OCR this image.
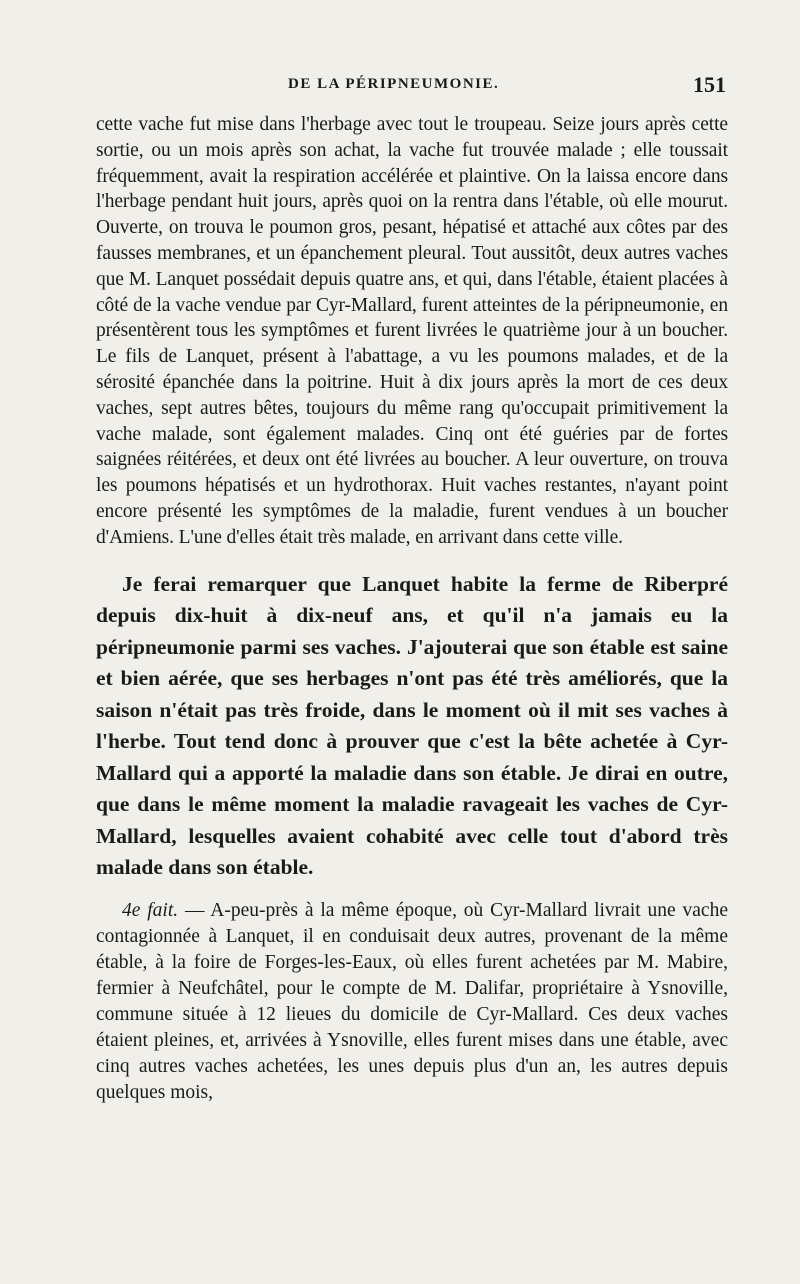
DE LA PÉRIPNEUMONIE.	151

cette vache fut mise dans l'herbage avec tout le troupeau. Seize jours après cette sortie, ou un mois après son achat, la vache fut trouvée malade ; elle toussait fréquemment, avait la respiration accélérée et plaintive. On la laissa encore dans l'herbage pendant huit jours, après quoi on la rentra dans l'étable, où elle mourut. Ouverte, on trouva le poumon gros, pesant, hépatisé et attaché aux côtes par des fausses membranes, et un épanchement pleural. Tout aussitôt, deux autres vaches que M. Lanquet possédait depuis quatre ans, et qui, dans l'étable, étaient placées à côté de la vache vendue par Cyr-Mallard, furent atteintes de la péripneumonie, en présentèrent tous les symptômes et furent livrées le quatrième jour à un boucher. Le fils de Lanquet, présent à l'abattage, a vu les poumons malades, et de la sérosité épanchée dans la poitrine. Huit à dix jours après la mort de ces deux vaches, sept autres bêtes, toujours du même rang qu'occupait primitivement la vache malade, sont également malades. Cinq ont été guéries par de fortes saignées réitérées, et deux ont été livrées au boucher. A leur ouverture, on trouva les poumons hépatisés et un hydrothorax. Huit vaches restantes, n'ayant point encore présenté les symptômes de la maladie, furent vendues à un boucher d'Amiens. L'une d'elles était très malade, en arrivant dans cette ville.

Je ferai remarquer que Lanquet habite la ferme de Riberpré depuis dix-huit à dix-neuf ans, et qu'il n'a jamais eu la péripneumonie parmi ses vaches. J'ajouterai que son étable est saine et bien aérée, que ses herbages n'ont pas été très améliorés, que la saison n'était pas très froide, dans le moment où il mit ses vaches à l'herbe. Tout tend donc à prouver que c'est la bête achetée à Cyr-Mallard qui a apporté la maladie dans son étable. Je dirai en outre, que dans le même moment la maladie ravageait les vaches de Cyr-Mallard, lesquelles avaient cohabité avec celle tout d'abord très malade dans son étable.

4e fait. — A-peu-près à la même époque, où Cyr-Mallard livrait une vache contagionnée à Lanquet, il en conduisait deux autres, provenant de la même étable, à la foire de Forges-les-Eaux, où elles furent achetées par M. Mabire, fermier à Neufchâtel, pour le compte de M. Dalifar, propriétaire à Ysnoville, commune située à 12 lieues du domicile de Cyr-Mallard. Ces deux vaches étaient pleines, et, arrivées à Ysnoville, elles furent mises dans une étable, avec cinq autres vaches achetées, les unes depuis plus d'un an, les autres depuis quelques mois,
